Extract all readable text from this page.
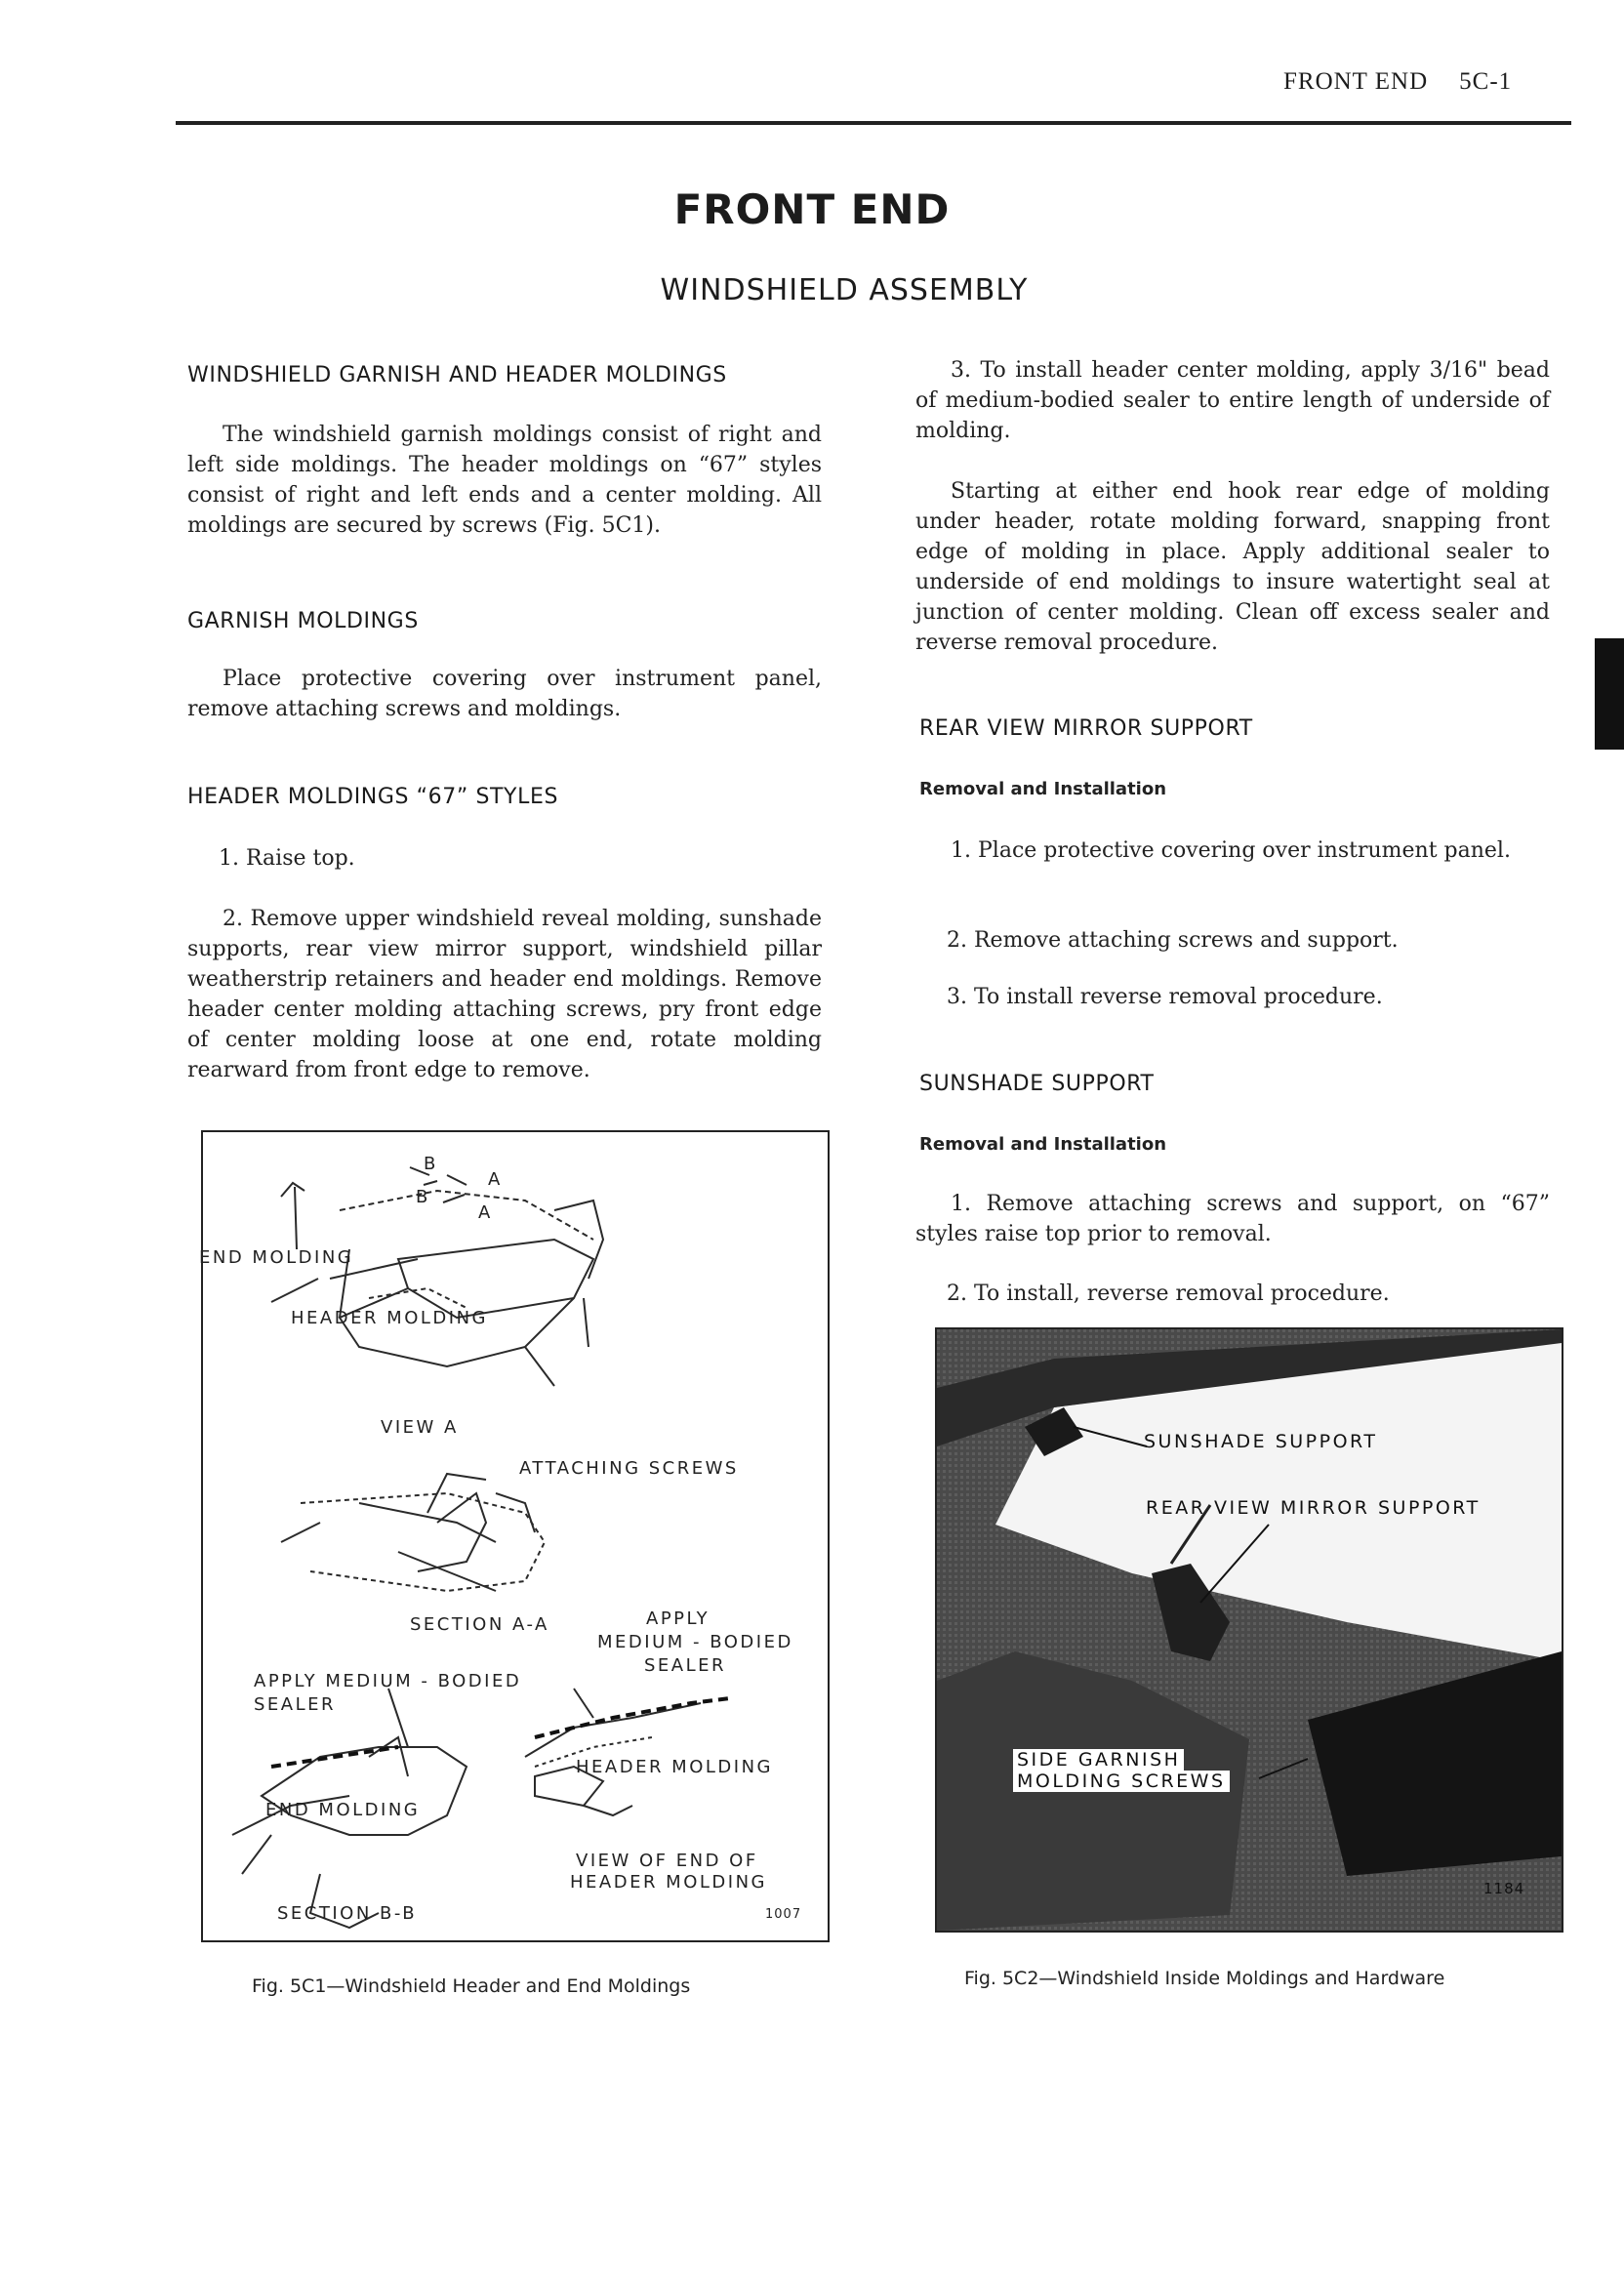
FRONT END 5C-1
FRONT END
WINDSHIELD ASSEMBLY
WINDSHIELD GARNISH AND HEADER MOLDINGS
The windshield garnish moldings consist of right and left side moldings. The header moldings on “67” styles consist of right and left ends and a center molding. All moldings are secured by screws (Fig. 5C1).
GARNISH MOLDINGS
Place protective covering over instrument panel, remove attaching screws and moldings.
HEADER MOLDINGS “67” STYLES
1. Raise top.
2. Remove upper windshield reveal molding, sunshade supports, rear view mirror support, windshield pillar weatherstrip retainers and header end moldings. Remove header center molding attaching screws, pry front edge of center molding loose at one end, rotate molding rearward from front edge to remove.
B
B
A
A
END MOLDING
HEADER MOLDING
VIEW A
ATTACHING SCREWS
SECTION A-A	APPLY
MEDIUM - BODIED
SEALER
APPLY MEDIUM - BODIED
SEALER
HEADER MOLDING
END MOLDING
VIEW OF END OF
HEADER MOLDING
SECTION B-B	1007
Fig. 5C1—Windshield Header and End Moldings
3. To install header center molding, apply 3/16" bead of medium-bodied sealer to entire length of underside of molding.
Starting at either end hook rear edge of molding under header, rotate molding forward, snapping front edge of molding in place. Apply additional sealer to underside of end moldings to insure watertight seal at junction of center molding. Clean off excess sealer and reverse removal procedure.
REAR VIEW MIRROR SUPPORT
Removal and Installation
1. Place protective covering over instrument panel.
2. Remove attaching screws and support.
3. To install reverse removal procedure.
SUNSHADE SUPPORT
Removal and Installation
1. Remove attaching screws and support, on “67” styles raise top prior to removal.
2. To install, reverse removal procedure.
SUNSHADE SUPPORT
REAR VIEW MIRROR SUPPORT
SIDE GARNISH
MOLDING SCREWS
1184
Fig. 5C2—Windshield Inside Moldings and Hardware
